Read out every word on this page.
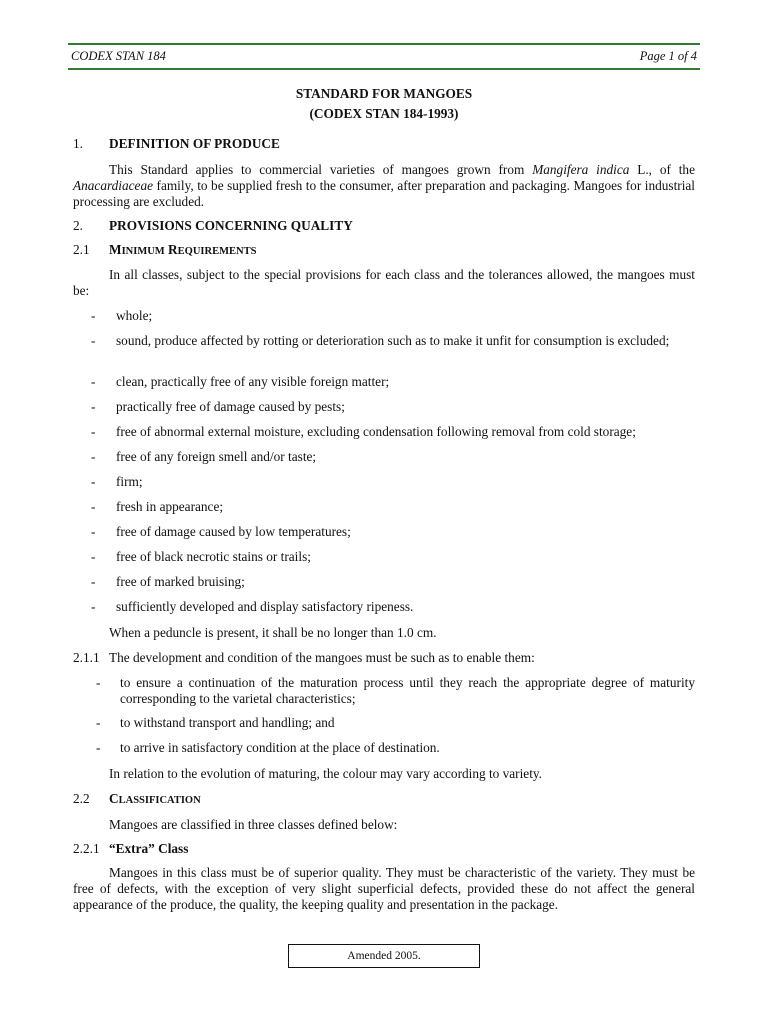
CODEX STAN 184	Page 1 of 4
STANDARD FOR MANGOES
(CODEX STAN 184-1993)
1. DEFINITION OF PRODUCE
This Standard applies to commercial varieties of mangoes grown from Mangifera indica L., of the Anacardiaceae family, to be supplied fresh to the consumer, after preparation and packaging. Mangoes for industrial processing are excluded.
2. PROVISIONS CONCERNING QUALITY
2.1 MINIMUM REQUIREMENTS
In all classes, subject to the special provisions for each class and the tolerances allowed, the mangoes must be:
- whole;
- sound, produce affected by rotting or deterioration such as to make it unfit for consumption is excluded;
- clean, practically free of any visible foreign matter;
- practically free of damage caused by pests;
- free of abnormal external moisture, excluding condensation following removal from cold storage;
- free of any foreign smell and/or taste;
- firm;
- fresh in appearance;
- free of damage caused by low temperatures;
- free of black necrotic stains or trails;
- free of marked bruising;
- sufficiently developed and display satisfactory ripeness.
When a peduncle is present, it shall be no longer than 1.0 cm.
2.1.1 The development and condition of the mangoes must be such as to enable them:
- to ensure a continuation of the maturation process until they reach the appropriate degree of maturity corresponding to the varietal characteristics;
- to withstand transport and handling; and
- to arrive in satisfactory condition at the place of destination.
In relation to the evolution of maturing, the colour may vary according to variety.
2.2 CLASSIFICATION
Mangoes are classified in three classes defined below:
2.2.1 “Extra” Class
Mangoes in this class must be of superior quality. They must be characteristic of the variety. They must be free of defects, with the exception of very slight superficial defects, provided these do not affect the general appearance of the produce, the quality, the keeping quality and presentation in the package.
Amended 2005.
